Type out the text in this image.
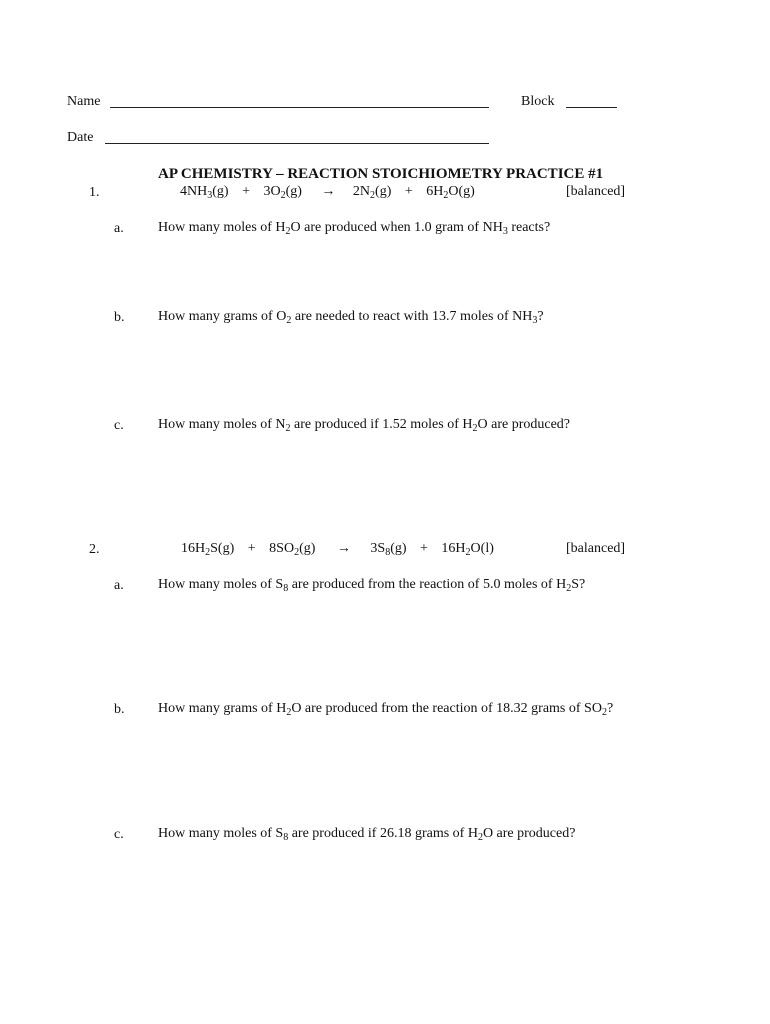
Name	Block
Date
AP CHEMISTRY – REACTION STOICHIOMETRY PRACTICE #1
1.	$4NH_3(g) + 3O_2(g) \to 2N_2(g) + 6H_2O(g)$	[balanced]
a. How many moles of $H_2O$ are produced when 1.0 gram of $NH_3$ reacts?
b. How many grams of $O_2$ are needed to react with 13.7 moles of $NH_3$?
c. How many moles of $N_2$ are produced if 1.52 moles of $H_2O$ are produced?
2.	$16H_2S(g) + 8SO_2(g) \to 3S_8(g) + 16H_2O(l)$	[balanced]
a. How many moles of $S_8$ are produced from the reaction of 5.0 moles of $H_2S$?
b. How many grams of $H_2O$ are produced from the reaction of 18.32 grams of $SO_2$?
c. How many moles of $S_8$ are produced if 26.18 grams of $H_2O$ are produced?
